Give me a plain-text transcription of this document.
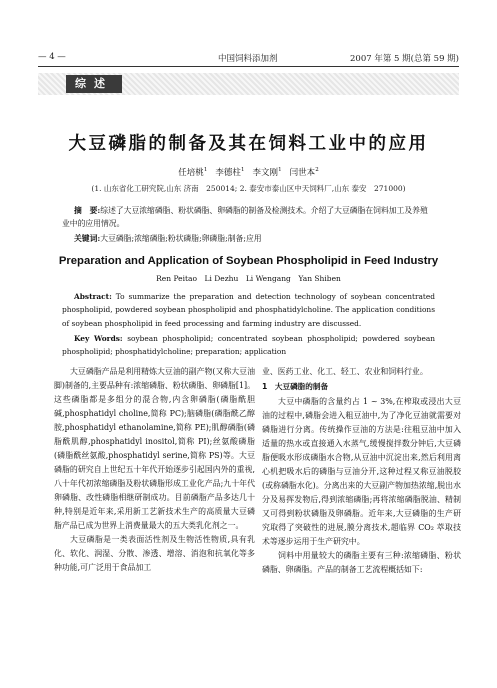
— 4 —	中国饲料添加剂	2007 年第 5 期(总第 59 期)
综述
大豆磷脂的制备及其在饲料工业中的应用
任培桃$^1$ 李德柱$^1$ 李文刚$^1$ 闫世本$^2$
(1. 山东省化工研究院,山东 济南　250014; 2. 泰安市泰山区中天饲料厂,山东 泰安　271000)
摘　要:综述了大豆浓缩磷脂、粉状磷脂、卵磷脂的制备及检测技术。介绍了大豆磷脂在饲料加工及养殖业中的应用情况。
关键词:大豆磷脂;浓缩磷脂;粉状磷脂;卵磷脂;制备;应用
Preparation and Application of Soybean Phospholipid in Feed Industry
Ren Peitao　Li Dezhu　Li Wengang　Yan Shiben
Abstract: To summarize the preparation and detection technology of soybean concentrated phospholipid, powdered soybean phospholipid and phosphatidylcholine. The application conditions of soybean phospholipid in feed processing and farming industry are discussed.
Key Words: soybean phospholipid; concentrated soybean phospholipid; powdered soybean phospholipid; phosphatidylcholine; preparation; application

大豆磷脂产品是利用精炼大豆油的副产物(又称大豆油脚)制备的,主要品种有:浓缩磷脂、粉状磷脂、卵磷脂[1]。这些磷脂都是多组分的混合物,内含卵磷脂(磷脂酰胆碱,phosphatidyl choline,简称 PC);脑磷脂(磷脂酰乙醇胺,phosphatidyl ethanolamine,简称 PE);肌醇磷脂(磷脂酰肌醇,phosphatidyl inositol,简称 PI);丝氨酸磷脂(磷脂酰丝氨酸,phosphatidyl serine,简称 PS)等。大豆磷脂的研究自上世纪五十年代开始逐步引起国内外的重视,八十年代初浓缩磷脂及粉状磷脂形成工业化产品;九十年代卵磷脂、改性磷脂相继研制成功。目前磷脂产品多达几十种,特别是近年来,采用新工艺新技术生产的高质量大豆磷脂产品已成为世界上消费量最大的五大类乳化剂之一。

大豆磷脂是一类表面活性剂及生物活性物质,具有乳化、软化、润湿、分散、渗透、增溶、消泡和抗氧化等多种功能,可广泛用于食品加工

业、医药工业、化工、轻工、农业和饲料行业。

1　大豆磷脂的制备

大豆中磷脂的含量约占 1 ~ 3%,在榨取或浸出大豆油的过程中,磷脂会进入粗豆油中,为了净化豆油就需要对磷脂进行分离。传统操作豆油的方法是:往粗豆油中加入适量的热水或直接通入水蒸气,缓慢搅拌数分钟后,大豆磷脂便吸水形成磷脂水合物,从豆油中沉淀出来,然后利用离心机把吸水后的磷脂与豆油分开,这种过程又称豆油脱胶(或称磷脂水化)。分离出来的大豆副产物加热浓缩,脱出水分及易挥发物后,得到浓缩磷脂;再将浓缩磷脂脱油、精制又可得到粉状磷脂及卵磷脂。近年来,大豆磷脂的生产研究取得了突破性的进展,膜分离技术,超临界 CO₂ 萃取技术等逐步运用于生产研究中。

饲料中用量较大的磷脂主要有三种:浓缩磷脂、粉状磷脂、卵磷脂。产品的制备工艺流程概括如下:
